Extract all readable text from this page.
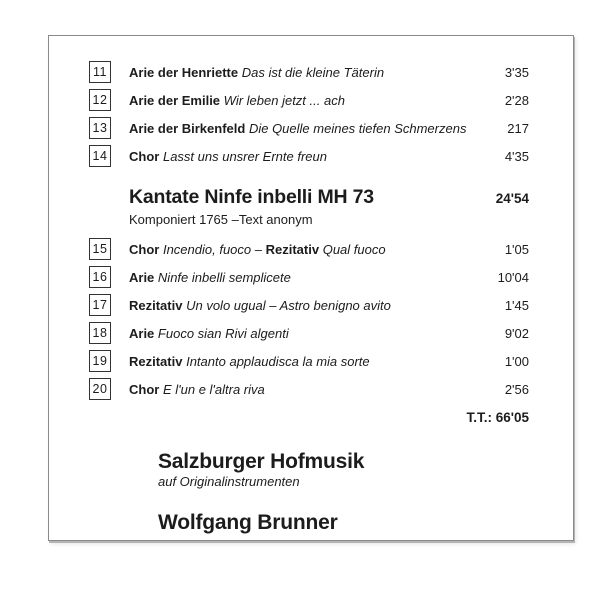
11 Arie der Henriette Das ist die kleine Täterin	3'35
12 Arie der Emilie Wir leben jetzt ... ach	2'28
13 Arie der Birkenfeld Die Quelle meines tiefen Schmerzens	217
14 Chor Lasst uns unsrer Ernte freun	4'35
Kantate Ninfe inbelli MH 73	24'54
Komponiert 1765 –Text anonym
15 Chor Incendio, fuoco – Rezitativ Qual fuoco	1'05
16 Arie Ninfe inbelli semplicete	10'04
17 Rezitativ Un volo ugual – Astro benigno avito	1'45
18 Arie Fuoco sian Rivi algenti	9'02
19 Rezitativ Intanto applaudisca la mia sorte	1'00
20 Chor E l'un e l'altra riva	2'56
T.T.: 66'05
Salzburger Hofmusik
auf Originalinstrumenten
Wolfgang Brunner
